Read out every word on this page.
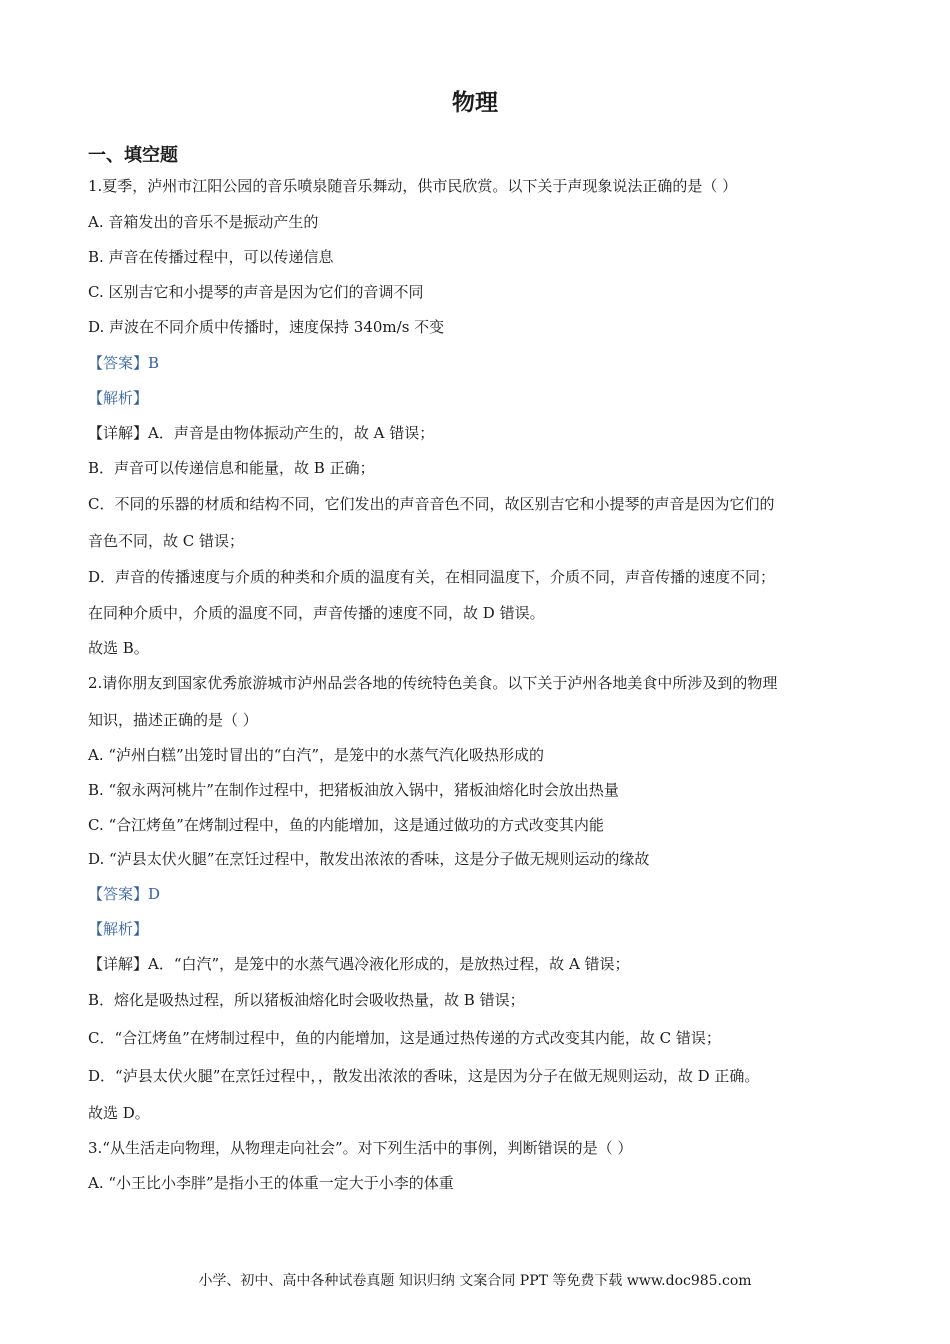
物理
一、填空题
1.夏季，泸州市江阳公园的音乐喷泉随音乐舞动，供市民欣赏。以下关于声现象说法正确的是（ ）
A. 音箱发出的音乐不是振动产生的
B. 声音在传播过程中，可以传递信息
C. 区别吉它和小提琴的声音是因为它们的音调不同
D. 声波在不同介质中传播时，速度保持 340m/s 不变
【答案】B
【解析】
【详解】A．声音是由物体振动产生的，故 A 错误；
B．声音可以传递信息和能量，故 B 正确；
C．不同的乐器的材质和结构不同，它们发出的声音音色不同，故区别吉它和小提琴的声音是因为它们的
音色不同，故 C 错误；
D．声音的传播速度与介质的种类和介质的温度有关，在相同温度下，介质不同，声音传播的速度不同；
在同种介质中，介质的温度不同，声音传播的速度不同，故 D 错误。
故选 B。
2.请你朋友到国家优秀旅游城市泸州品尝各地的传统特色美食。以下关于泸州各地美食中所涉及到的物理
知识，描述正确的是（ ）
A. “泸州白糕”出笼时冒出的“白汽”，是笼中的水蒸气汽化吸热形成的
B. “叙永两河桃片”在制作过程中，把猪板油放入锅中，猪板油熔化时会放出热量
C. “合江烤鱼”在烤制过程中，鱼的内能增加，这是通过做功的方式改变其内能
D. “泸县太伏火腿”在烹饪过程中，散发出浓浓的香味，这是分子做无规则运动的缘故
【答案】D
【解析】
【详解】A．“白汽”，是笼中的水蒸气遇冷液化形成的，是放热过程，故 A 错误；
B．熔化是吸热过程，所以猪板油熔化时会吸收热量，故 B 错误；
C．“合江烤鱼”在烤制过程中，鱼的内能增加，这是通过热传递的方式改变其内能，故 C 错误；
D．“泸县太伏火腿”在烹饪过程中，，散发出浓浓的香味，这是因为分子在做无规则运动，故 D 正确。
故选 D。
3.“从生活走向物理，从物理走向社会”。对下列生活中的事例，判断错误的是（ ）
A. “小王比小李胖”是指小王的体重一定大于小李的体重
小学、初中、高中各种试卷真题 知识归纳 文案合同 PPT 等免费下载 www.doc985.com
